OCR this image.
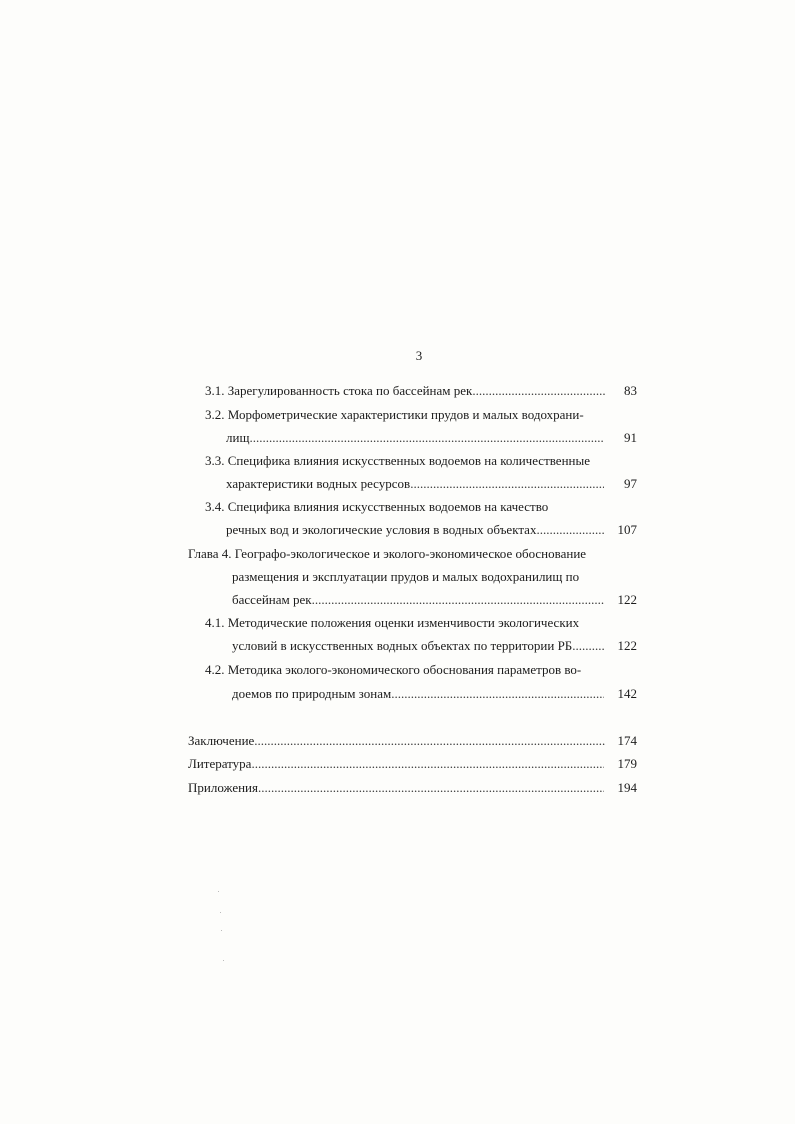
3
3.1. Зарегулированность стока по бассейнам рек .....	83
3.2. Морфометрические характеристики прудов и малых водохрани-
лищ .....	91
3.3. Специфика влияния искусственных водоемов на количественные
характеристики водных ресурсов .....	97
3.4. Специфика влияния искусственных водоемов на качество
речных вод и экологические условия в водных объектах .....	107
Глава 4. Географо-экологическое и эколого-экономическое обоснование
размещения и эксплуатации прудов и малых водохранилищ по
бассейнам рек .....	122
4.1. Методические положения оценки изменчивости экологических
условий в искусственных водных объектах по территории РБ .....	122
4.2. Методика эколого-экономического обоснования параметров во-
доемов по природным зонам .....	142
Заключение .....	174
Литература .....	179
Приложения .....	194
